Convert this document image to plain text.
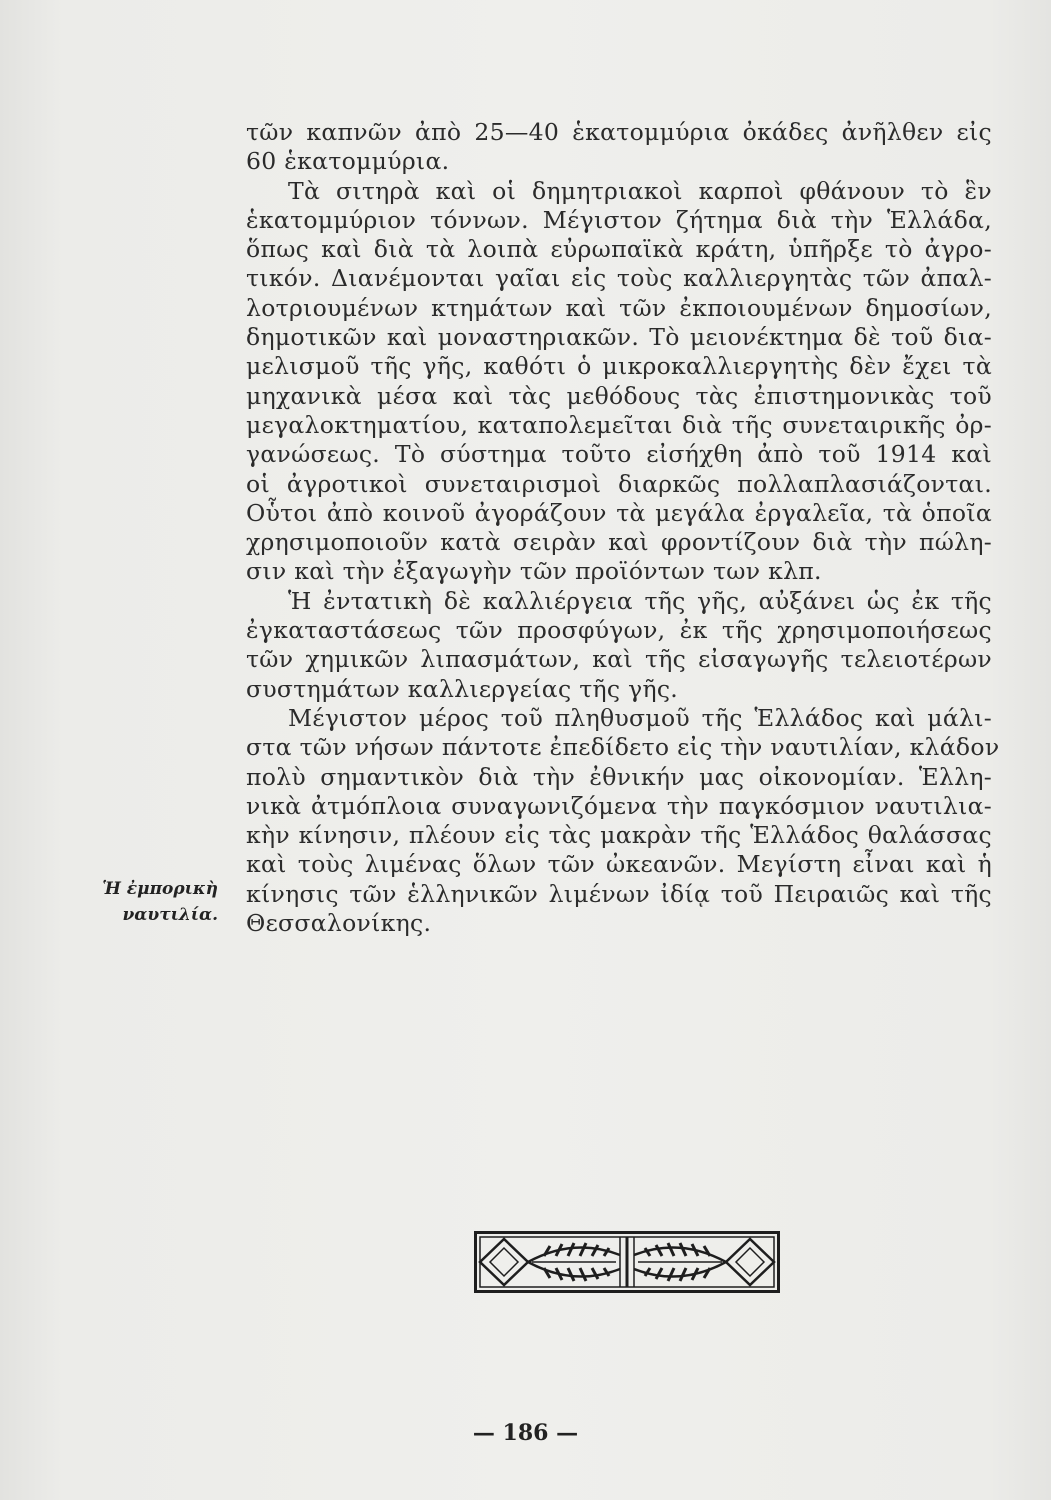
τῶν καπνῶν ἀπὸ 25—40 ἑκατομμύρια ὀκάδες ἀνῆλθεν εἰς
60 ἑκατομμύρια.
Τὰ σιτηρὰ καὶ οἱ δημητριακοὶ καρποὶ φθάνουν τὸ ἓν
ἑκατομμύριον τόννων. Μέγιστον ζήτημα διὰ τὴν Ἑλλάδα,
ὅπως καὶ διὰ τὰ λοιπὰ εὐρωπαϊκὰ κράτη, ὑπῆρξε τὸ ἀγρο-
τικόν. Διανέμονται γαῖαι εἰς τοὺς καλλιεργητὰς τῶν ἀπαλ-
λοτριουμένων κτημάτων καὶ τῶν ἐκποιουμένων δημοσίων,
δημοτικῶν καὶ μοναστηριακῶν. Τὸ μειονέκτημα δὲ τοῦ δια-
μελισμοῦ τῆς γῆς, καθότι ὁ μικροκαλλιεργητὴς δὲν ἔχει τὰ
μηχανικὰ μέσα καὶ τὰς μεθόδους τὰς ἐπιστημονικὰς τοῦ
μεγαλοκτηματίου, καταπολεμεῖται διὰ τῆς συνεταιρικῆς ὀρ-
γανώσεως. Τὸ σύστημα τοῦτο εἰσήχθη ἀπὸ τοῦ 1914 καὶ
οἱ ἀγροτικοὶ συνεταιρισμοὶ διαρκῶς πολλαπλασιάζονται.
Οὗτοι ἀπὸ κοινοῦ ἀγοράζουν τὰ μεγάλα ἐργαλεῖα, τὰ ὁποῖα
χρησιμοποιοῦν κατὰ σειρὰν καὶ φροντίζουν διὰ τὴν πώλη-
σιν καὶ τὴν ἐξαγωγὴν τῶν προϊόντων των κλπ.
Ἡ ἐντατικὴ δὲ καλλιέργεια τῆς γῆς, αὐξάνει ὡς ἐκ τῆς
ἐγκαταστάσεως τῶν προσφύγων, ἐκ τῆς χρησιμοποιήσεως
τῶν χημικῶν λιπασμάτων, καὶ τῆς εἰσαγωγῆς τελειοτέρων
συστημάτων καλλιεργείας τῆς γῆς.
Μέγιστον μέρος τοῦ πληθυσμοῦ τῆς Ἑλλάδος καὶ μάλι-
στα τῶν νήσων πάντοτε ἐπεδίδετο εἰς τὴν ναυτιλίαν, κλάδον
πολὺ σημαντικὸν διὰ τὴν ἐθνικήν μας οἰκονομίαν. Ἑλλη-
νικὰ ἀτμόπλοια συναγωνιζόμενα τὴν παγκόσμιον ναυτιλια-
κὴν κίνησιν, πλέουν εἰς τὰς μακρὰν τῆς Ἑλλάδος θαλάσσας
καὶ τοὺς λιμένας ὅλων τῶν ὠκεανῶν. Μεγίστη εἶναι καὶ ἡ
κίνησις τῶν ἑλληνικῶν λιμένων ἰδίᾳ τοῦ Πειραιῶς καὶ τῆς
Θεσσαλονίκης.
Ἡ ἐμπορικὴ
ναυτιλία.
— 186 —
